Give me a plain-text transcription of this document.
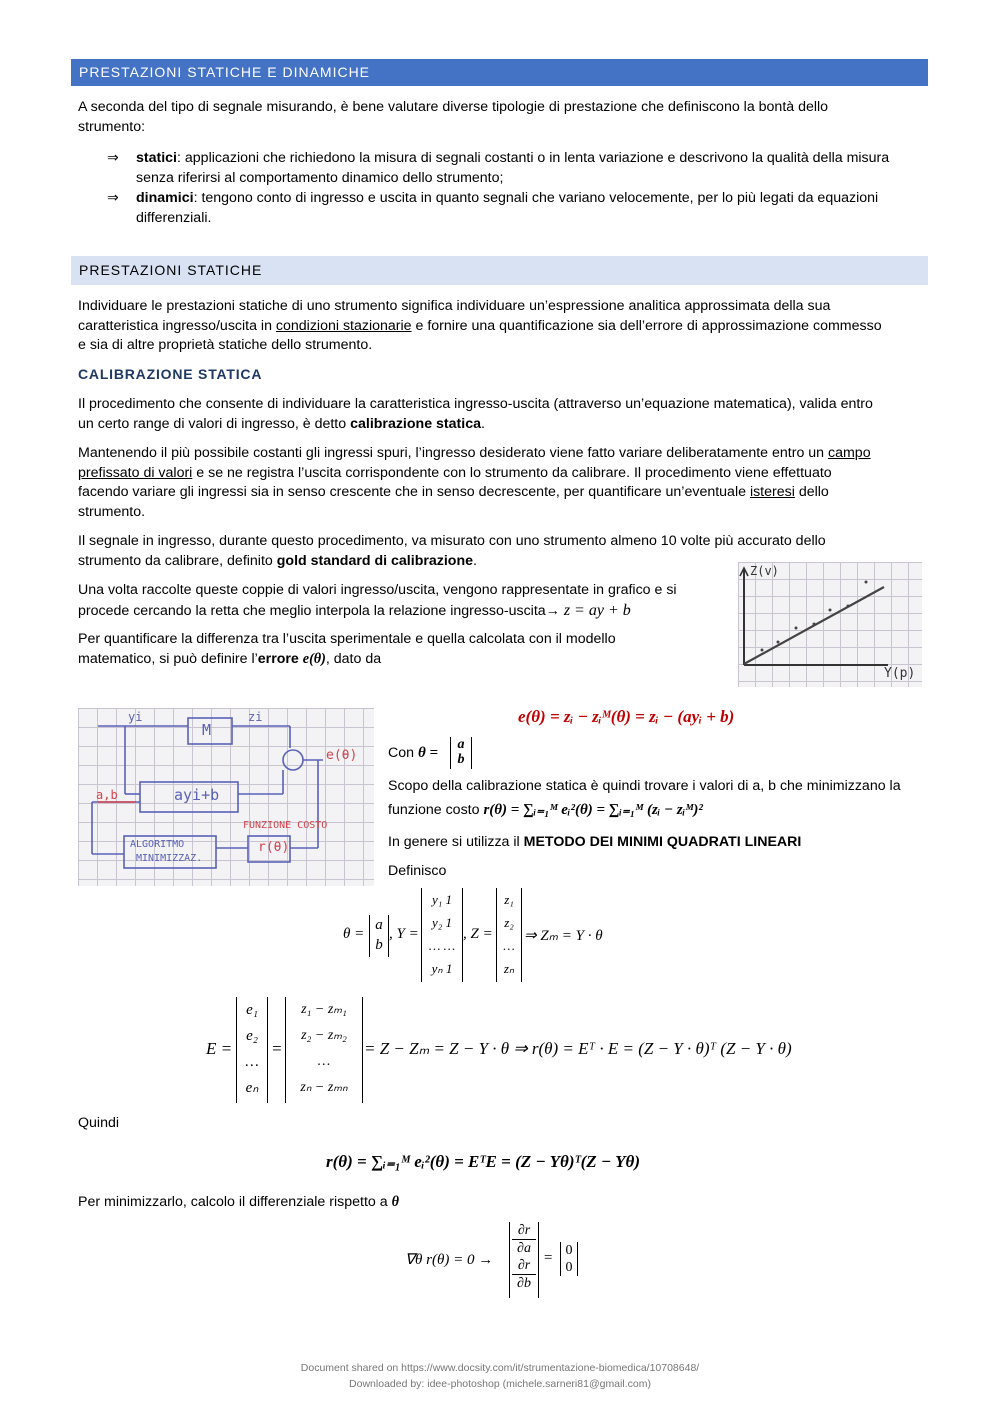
PRESTAZIONI STATICHE E DINAMICHE
A seconda del tipo di segnale misurando, è bene valutare diverse tipologie di prestazione che definiscono la bontà dello
strumento:
⇒ statici: applicazioni che richiedono la misura di segnali costanti o in lenta variazione e descrivono la qualità della misura
senza riferirsi al comportamento dinamico dello strumento;
⇒ dinamici: tengono conto di ingresso e uscita in quanto segnali che variano velocemente, per lo più legati da equazioni
differenziali.
PRESTAZIONI STATICHE
Individuare le prestazioni statiche di uno strumento significa individuare un’espressione analitica approssimata della sua
caratteristica ingresso/uscita in condizioni stazionarie e fornire una quantificazione sia dell’errore di approssimazione commesso
e sia di altre proprietà statiche dello strumento.
CALIBRAZIONE STATICA
Il procedimento che consente di individuare la caratteristica ingresso-uscita (attraverso un’equazione matematica), valida entro
un certo range di valori di ingresso, è detto calibrazione statica.
Mantenendo il più possibile costanti gli ingressi spuri, l’ingresso desiderato viene fatto variare deliberatamente entro un campo
prefissato di valori e se ne registra l’uscita corrispondente con lo strumento da calibrare. Il procedimento viene effettuato
facendo variare gli ingressi sia in senso crescente che in senso decrescente, per quantificare un’eventuale isteresi dello
strumento.
Il segnale in ingresso, durante questo procedimento, va misurato con uno strumento almeno 10 volte più accurato dello
strumento da calibrare, definito gold standard di calibrazione.
Una volta raccolte queste coppie di valori ingresso/uscita, vengono rappresentate in grafico e si
procede cercando la retta che meglio interpola la relazione ingresso-uscita→ z = ay + b
Per quantificare la differenza tra l’uscita sperimentale e quella calcolata con il modello
matematico, si può definire l’errore e(θ), dato da
Z(v)
Y(p)
e(θ) = zᵢ − zᵢᴹ(θ) = zᵢ − (ayᵢ + b)
yi	zi
M
ayi+b
r(θ)
a,b
e(θ)
FUNZIONE COSTO
ALGORITMO
MINIMIZZAZ.
Con θ =
a
b
Scopo della calibrazione statica è quindi trovare i valori di a, b che minimizzano la
funzione costo r(θ) = ∑ᵢ₌₁ᴹ eᵢ²(θ) = ∑ᵢ₌₁ᴹ (zᵢ − zᵢᴹ)²
In genere si utilizza il METODO DEI MINIMI QUADRATI LINEARI
Definisco
θ =
a
b
, Y =
y₁ 1
y₂ 1
… …
yₙ 1
, Z =
z₁
z₂
…
zₙ
⇒ Zₘ = Y · θ
E =
e₁
e₂
…
eₙ
=
z₁ − zₘ₁
z₂ − zₘ₂
…
zₙ − zₘₙ
= Z − Zₘ = Z − Y · θ ⇒ r(θ) = Eᵀ · E = (Z − Y · θ)ᵀ (Z − Y · θ)
Quindi
r(θ) = ∑ᵢ₌₁ᴹ eᵢ²(θ) = EᵀE = (Z − Yθ)ᵀ(Z − Yθ)
Per minimizzarlo, calcolo il differenziale rispetto a θ
∇θ r(θ) = 0 →
∂r
∂a
∂r
∂b
= 0
0
Document shared on https://www.docsity.com/it/strumentazione-biomedica/10708648/
Downloaded by: idee-photoshop (michele.sarneri81@gmail.com)
